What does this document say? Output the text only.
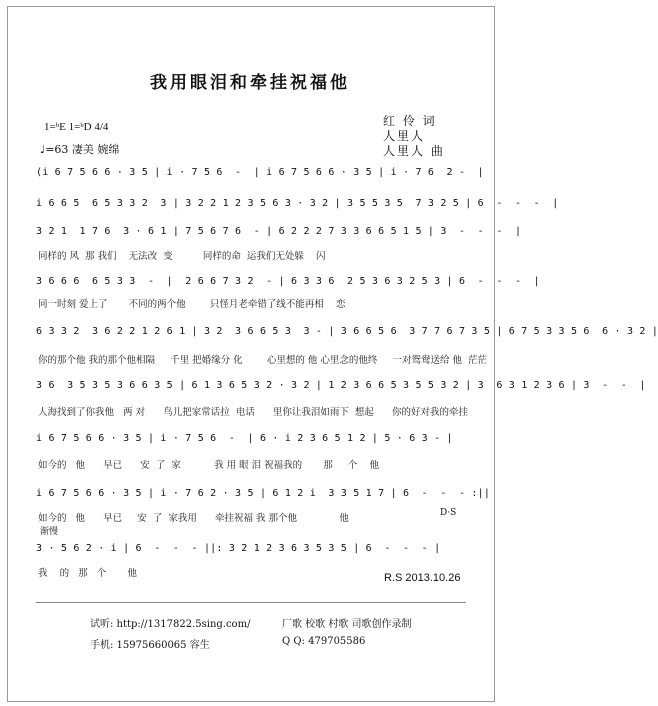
我用眼泪和牵挂祝福他
1=ᵇE 1=ᵇD 4/4
♩=63 凄美 婉绵
红 伶 词
人里人
人里人 曲
(i 6 7 5 6 6 · 3 5 | i · 7 5 6  -  | i 6 7 5 6 6 · 3 5 | i · 7 6  2 -  |
i 6 6 5  6 5 3 3 2  3 | 3 2 2 1 2 3 5 6 3 · 3 2 | 3 5 5 3 5  7 3 2 5 | 6  -  -  -  |
3 2 1  1 7 6  3 · 6 1 | 7 5 6 7 6  - | 6 2 2 2 7 3 3 6 6 5 1 5 | 3  -  -  -  |
同样的 风  那 我们    无法改  变          同样的命  运我们无处躲    闪
3 6 6 6  6 5 3 3  -  |  2 6 6 7 3 2  - | 6 3 3 6  2 5 3 6 3 2 5 3 | 6  -  -  -  |
同一时刻 爱上了       不同的两个他        只怪月老牵错了线不能再相    恋
6 3 3 2  3 6 2 2 1 2 6 1 | 3 2  3 6 6 5 3  3 - | 3 6 6 5 6  3 7 7 6 7 3 5 | 6 7 5 3 3 5 6  6 · 3 2 |
你的那个他 我的那个他相隔     千里 把婚缘分 化        心里想的 他 心里念的他终     一对鸳鸯送给 他  茫茫
3 6  3 5 3 5 3 6 6 3 5 | 6 1 3 6 5 3 2 · 3 2 | 1 2 3 6 6 5 3 5 5 3 2 | 3  6 3 1 2 3 6 | 3  -  -  |
人海找到了你我他   两 对      鸟儿把家常话拉  电话      里你让我泪如雨下  想起      你的好对我的牵挂
i 6 7 5 6 6 · 3 5 | i · 7 5 6  -  | 6 · i 2 3 6 5 1 2 | 5 · 6 3 - |
如今的   他      早已      安  了  家           我 用 眼 泪 祝福我的       那     个    他
i 6 7 5 6 6 · 3 5 | i · 7 6 2 · 3 5 | 6 1 2 i  3 3 5 1 7 | 6  -  -  - :||
如今的   他      早已     安  了  家我用      牵挂祝福 我 那个他              他	D·S
渐慢
3 · 5 6 2 · i | 6  -  -  - ||: 3 2 1 2 3 6 3 5 3 5 | 6  -  -  - |
我    的   那   个       他	R.S 2013.10.26
试听: http://1317822.5sing.com/
手机: 15975660065 容生
厂歌 校歌 村歌 司歌创作录制
Q Q: 479705586
